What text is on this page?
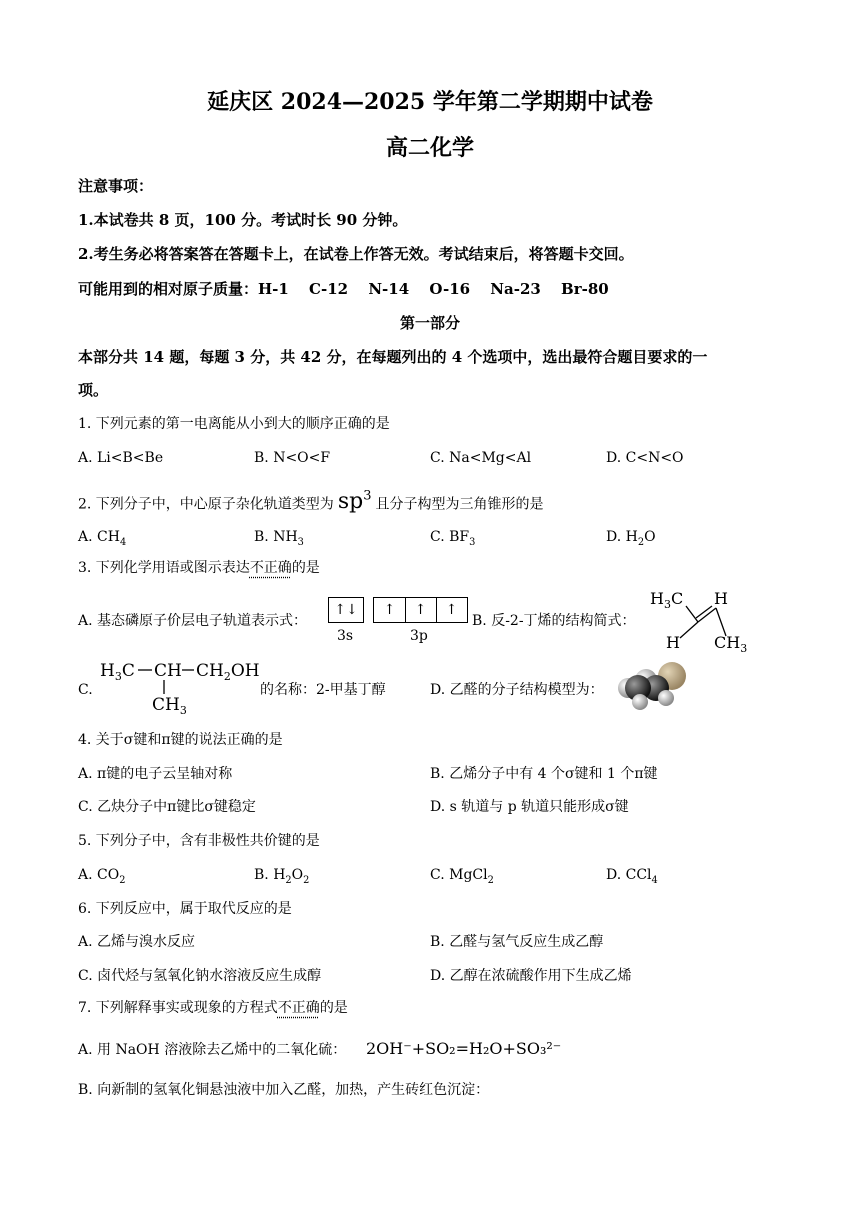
延庆区 2024—2025 学年第二学期期中试卷
高二化学
注意事项：
1.本试卷共 8 页，100 分。考试时长 90 分钟。
2.考生务必将答案答在答题卡上，在试卷上作答无效。考试结束后，将答题卡交回。
可能用到的相对原子质量：H-1 　C-12 　N-14 　O-16 　Na-23 　Br-80
第一部分
本部分共 14 题，每题 3 分，共 42 分，在每题列出的 4 个选项中，选出最符合题目要求的一
项。
1. 下列元素的第一电离能从小到大的顺序正确的是
A. Li<B<Be	B. N<O<F	C. Na<Mg<Al	D. C<N<O
2. 下列分子中，中心原子杂化轨道类型为 $sp^3$ 且分子构型为三角锥形的是
A. $CH_4$	B. $NH_3$	C. $BF_3$	D. $H_2O$
3. 下列化学用语或图示表达不正确的是
A. 基态磷原子价层电子轨道表示式：
↑↓	↑	↑	↑
3s	3p
B. 反-2-丁烯的结构简式：
$H_3C$ H
H $CH_3$
C.
$H_3C$ CH $CH_2OH$
$CH_3$
的名称：2-甲基丁醇	D. 乙醛的分子结构模型为：
4. 关于σ键和π键的说法正确的是
A. π键的电子云呈轴对称	B. 乙烯分子中有 4 个σ键和 1 个π键
C. 乙炔分子中π键比σ键稳定	D. s 轨道与 p 轨道只能形成σ键
5. 下列分子中，含有非极性共价键的是
A. $CO_2$	B. $H_2O_2$	C. MgCl$_2$	D. CCl$_4$
6. 下列反应中，属于取代反应的是
A. 乙烯与溴水反应	B. 乙醛与氢气反应生成乙醇
C. 卤代烃与氢氧化钠水溶液反应生成醇	D. 乙醇在浓硫酸作用下生成乙烯
7. 下列解释事实或现象的方程式不正确的是
A. 用 NaOH 溶液除去乙烯中的二氧化硫： 2OH⁻+SO₂=H₂O+SO₃²⁻
B. 向新制的氢氧化铜悬浊液中加入乙醛，加热，产生砖红色沉淀：
